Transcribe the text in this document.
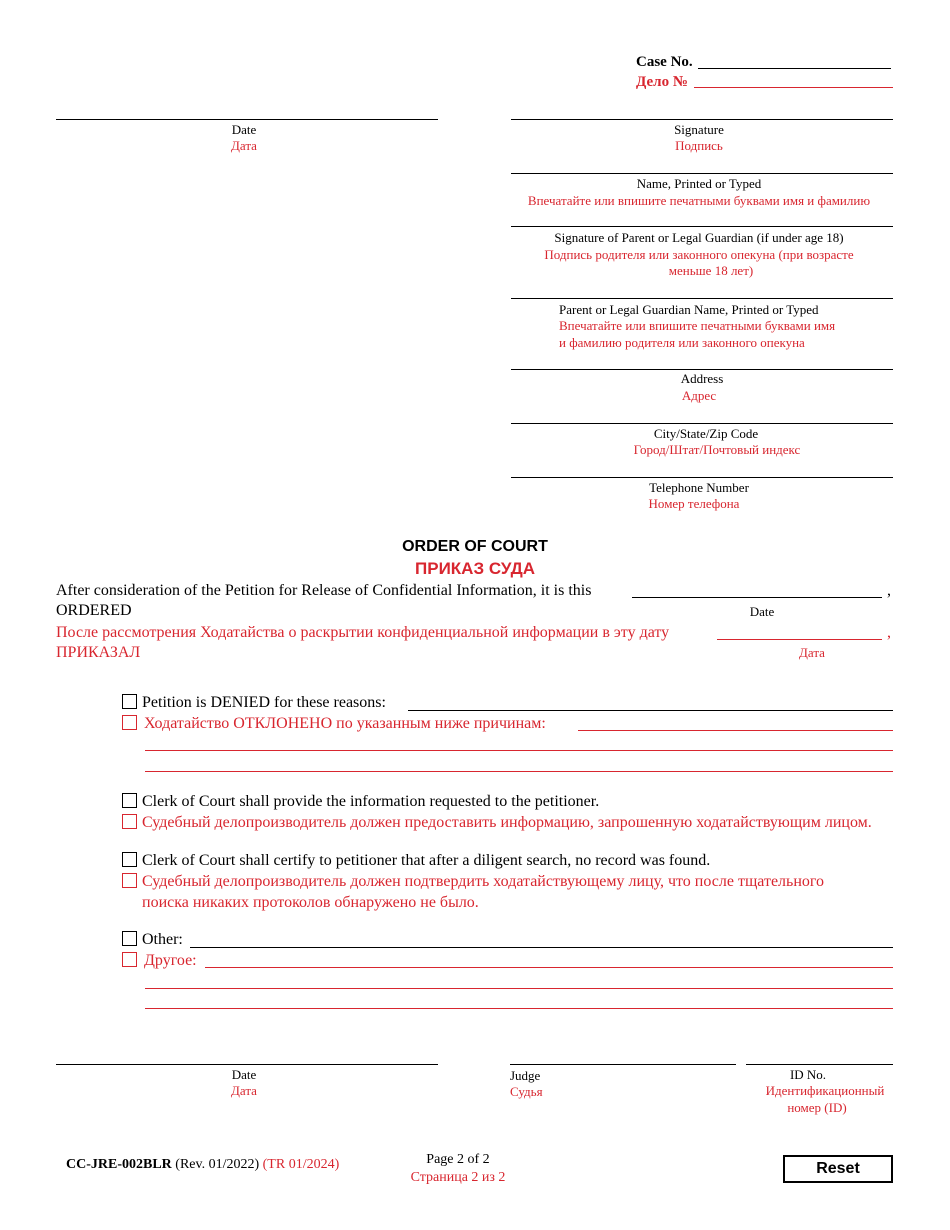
Case No.
Дело №
Date
Дата
Signature
Подпись
Name, Printed or Typed
Впечатайте или впишите печатными буквами имя и фамилию
Signature of Parent or Legal Guardian (if under age 18)
Подпись родителя или законного опекуна (при возрасте
меньше 18 лет)
Parent or Legal Guardian Name, Printed or Typed
Впечатайте или впишите печатными буквами имя
и фамилию родителя или законного опекуна
Address
Адрес
City/State/Zip Code
Город/Штат/Почтовый индекс
Telephone Number
Номер телефона
ORDER OF COURT
ПРИКАЗ СУДА
After consideration of the Petition for Release of Confidential Information, it is this	,
ORDERED	Date
После рассмотрения Ходатайства о раскрытии конфиденциальной информации в эту дату	,
ПРИКАЗАЛ	Дата
Petition is DENIED for these reasons:
Ходатайство ОТКЛОНЕНО по указанным ниже причинам:
Clerk of Court shall provide the information requested to the petitioner.
Судебный делопроизводитель должен предоставить информацию, запрошенную ходатайствующим лицом.
Clerk of Court shall certify to petitioner that after a diligent search, no record was found.
Судебный делопроизводитель должен подтвердить ходатайствующему лицу, что после тщательного
поиска никаких протоколов обнаружено не было.
Other:
Другое:
Date
Дата
Judge
Судья
ID No.
Идентификационный
номер (ID)
CC-JRE-002BLR (Rev. 01/2022) (TR 01/2024)	Page 2 of 2
Страница 2 из 2
Reset
